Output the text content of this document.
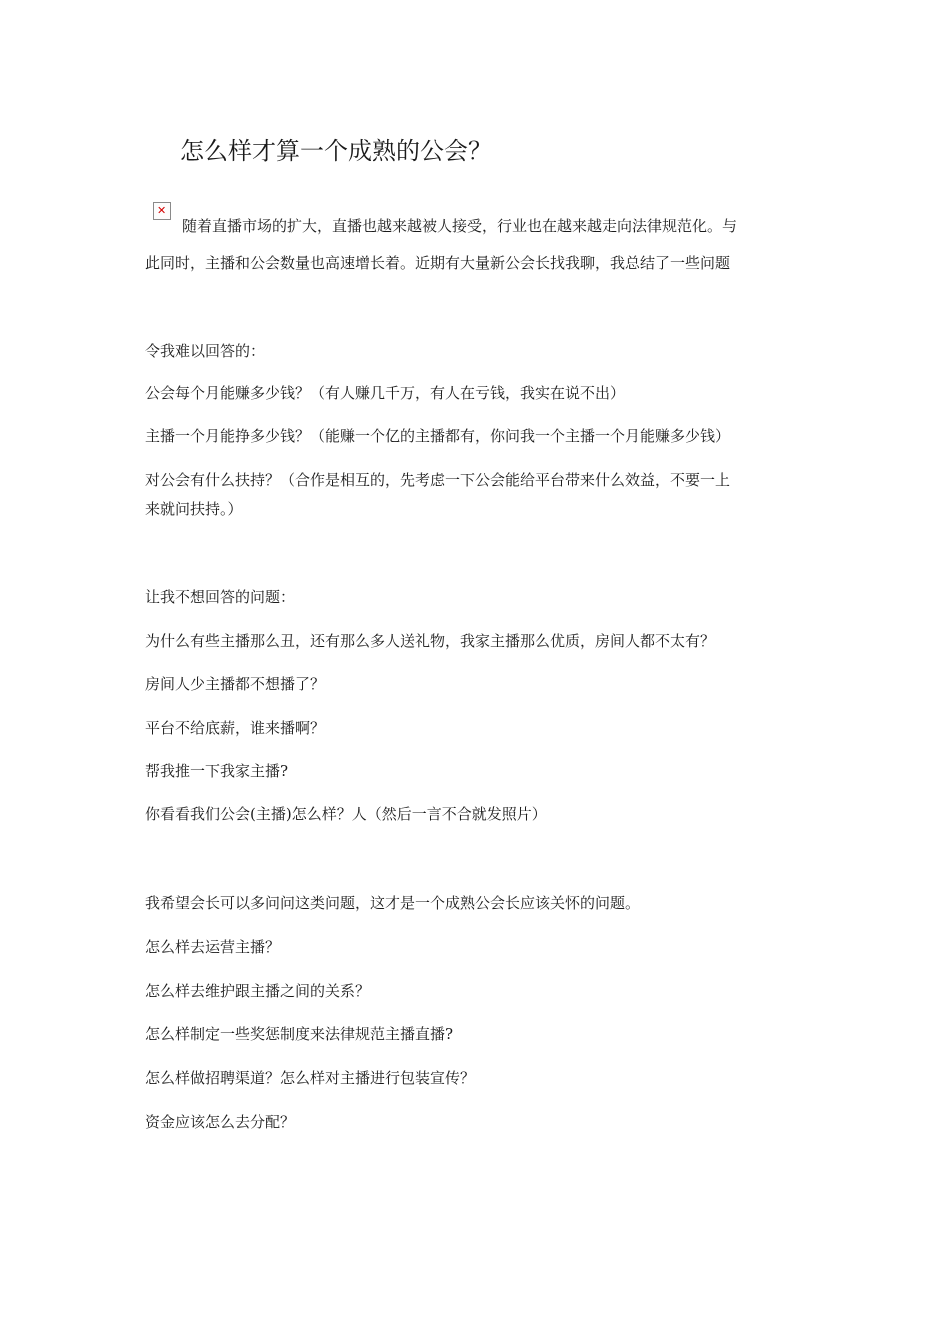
怎么样才算一个成熟的公会？
✕
随着直播市场的扩大，直播也越来越被人接受，行业也在越来越走向法律规范化。与
此同时，主播和公会数量也高速增长着。近期有大量新公会长找我聊，我总结了一些问题
令我难以回答的：
公会每个月能赚多少钱？（有人赚几千万，有人在亏钱，我实在说不出）
主播一个月能挣多少钱？（能赚一个亿的主播都有，你问我一个主播一个月能赚多少钱）
对公会有什么扶持？（合作是相互的，先考虑一下公会能给平台带来什么效益，不要一上
来就问扶持。）
让我不想回答的问题：
为什么有些主播那么丑，还有那么多人送礼物，我家主播那么优质，房间人都不太有？
房间人少主播都不想播了？
平台不给底薪，谁来播啊？
帮我推一下我家主播?
你看看我们公会(主播)怎么样？人（然后一言不合就发照片）
我希望会长可以多问问这类问题，这才是一个成熟公会长应该关怀的问题。
怎么样去运营主播？
怎么样去维护跟主播之间的关系？
怎么样制定一些奖惩制度来法律规范主播直播?
怎么样做招聘渠道？怎么样对主播进行包装宣传？
资金应该怎么去分配？
